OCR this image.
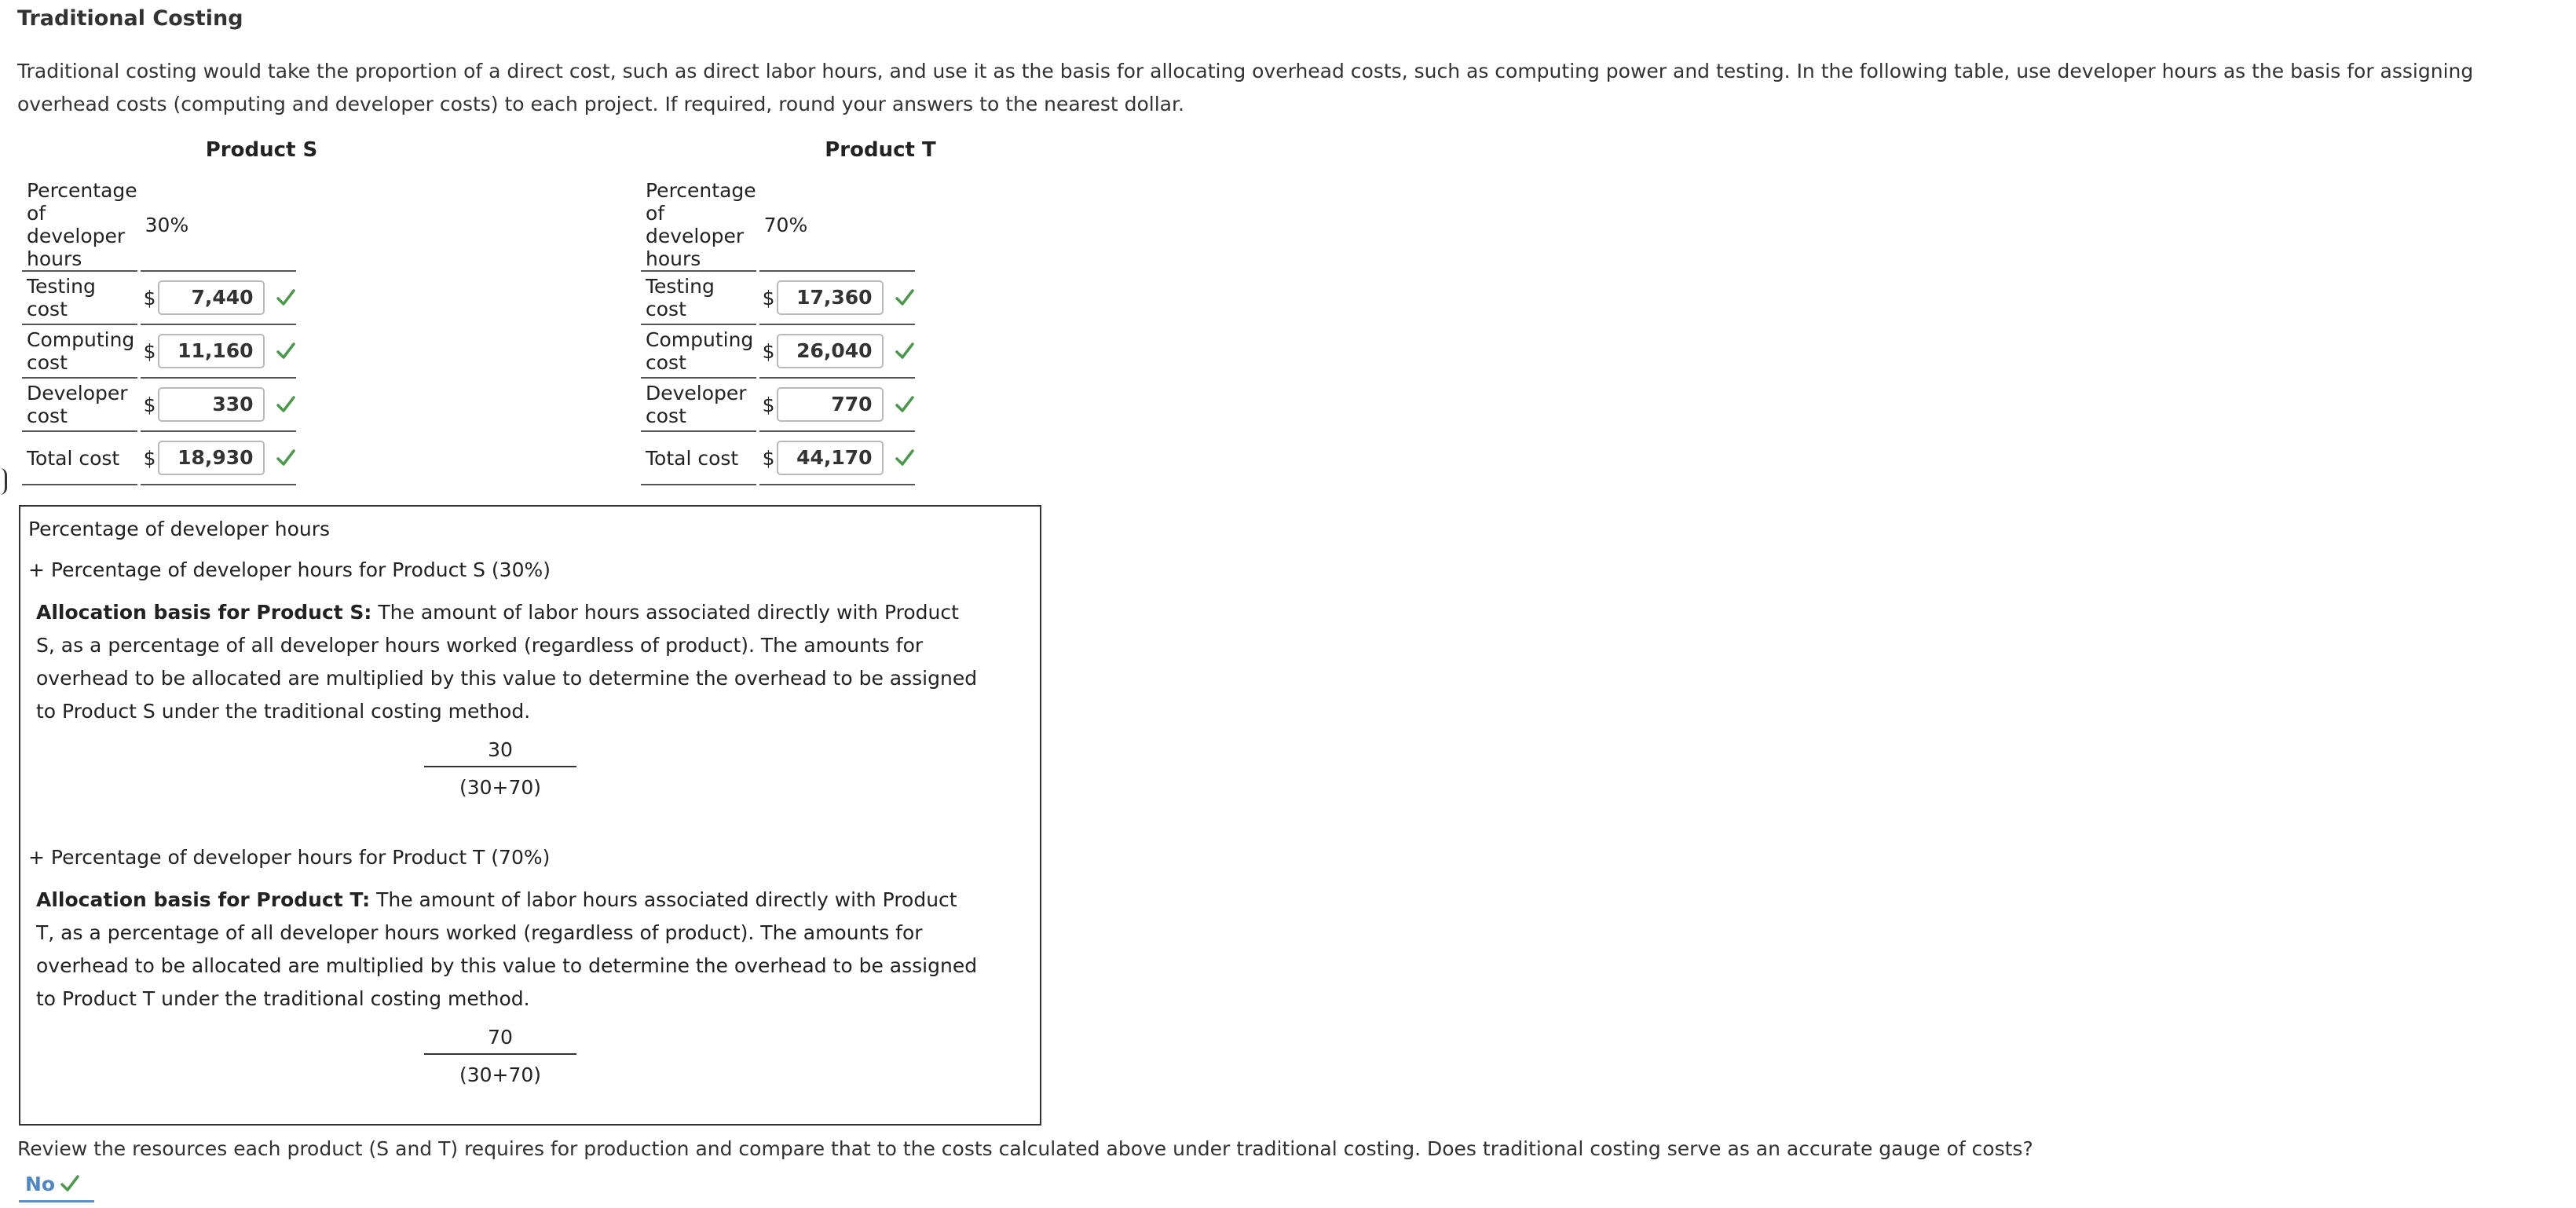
Traditional Costing
Traditional costing would take the proportion of a direct cost, such as direct labor hours, and use it as the basis for allocating overhead costs, such as computing power and testing. In the following table, use developer hours as the basis for assigning overhead costs (computing and developer costs) to each project. If required, round your answers to the nearest dollar.
Product S
Percentage of developer hours	30%
Testing cost	$ 7,440

Computing cost	$ 11,160

Developer cost	$ 330

Total cost	$ 18,930
Product T
Percentage of developer hours	70%
Testing cost	$ 17,360

Computing cost	$ 26,040

Developer cost	$ 770

Total cost	$ 44,170
Percentage of developer hours
+ Percentage of developer hours for Product S (30%)
Allocation basis for Product S: The amount of labor hours associated directly with Product S, as a percentage of all developer hours worked (regardless of product). The amounts for overhead to be allocated are multiplied by this value to determine the overhead to be assigned to Product S under the traditional costing method.
$\frac{30}{(30+70)}$
+ Percentage of developer hours for Product T (70%)
Allocation basis for Product T: The amount of labor hours associated directly with Product T, as a percentage of all developer hours worked (regardless of product). The amounts for overhead to be allocated are multiplied by this value to determine the overhead to be assigned to Product T under the traditional costing method.
$\frac{70}{(30+70)}$
Review the resources each product (S and T) requires for production and compare that to the costs calculated above under traditional costing. Does traditional costing serve as an accurate gauge of costs?
No
